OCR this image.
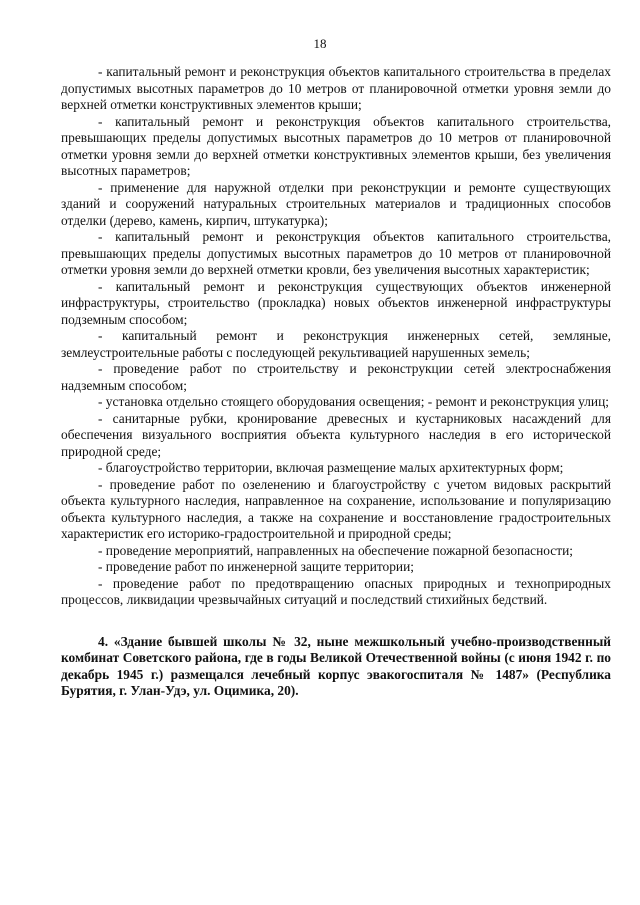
18

- капитальный ремонт и реконструкция объектов капитального строительства в пределах допустимых высотных параметров до 10 метров от планировочной отметки уровня земли до верхней отметки конструктивных элементов крыши;

- капитальный ремонт и реконструкция объектов капитального строительства, превышающих пределы допустимых высотных параметров до 10 метров от планировочной отметки уровня земли до верхней отметки конструктивных элементов крыши, без увеличения высотных параметров;

- применение для наружной отделки при реконструкции и ремонте существующих зданий и сооружений натуральных строительных материалов и традиционных способов отделки (дерево, камень, кирпич, штукатурка);

- капитальный ремонт и реконструкция объектов капитального строительства, превышающих пределы допустимых высотных параметров до 10 метров от планировочной отметки уровня земли до верхней отметки кровли, без увеличения высотных характеристик;

- капитальный ремонт и реконструкция существующих объектов инженерной инфраструктуры, строительство (прокладка) новых объектов инженерной инфраструктуры подземным способом;

- капитальный ремонт и реконструкция инженерных сетей, земляные, землеустроительные работы с последующей рекультивацией нарушенных земель;

- проведение работ по строительству и реконструкции сетей электроснабжения надземным способом;

- установка отдельно стоящего оборудования освещения; - ремонт и реконструкция улиц;

- санитарные рубки, кронирование древесных и кустарниковых насаждений для обеспечения визуального восприятия объекта культурного наследия в его исторической природной среде;

- благоустройство территории, включая размещение малых архитектурных форм;

- проведение работ по озеленению и благоустройству с учетом видовых раскрытий объекта культурного наследия, направленное на сохранение, использование и популяризацию объекта культурного наследия, а также на сохранение и восстановление градостроительных характеристик его историко-градостроительной и природной среды;

- проведение мероприятий, направленных на обеспечение пожарной безопасности;

- проведение работ по инженерной защите территории;

- проведение работ по предотвращению опасных природных и техноприродных процессов, ликвидации чрезвычайных ситуаций и последствий стихийных бедствий.

4. «Здание бывшей школы № 32, ныне межшкольный учебно-производственный комбинат Советского района, где в годы Великой Отечественной войны (с июня 1942 г. по декабрь 1945 г.) размещался лечебный корпус эвакогоспиталя № 1487» (Республика Бурятия, г. Улан-Удэ, ул. Оцимика, 20).
